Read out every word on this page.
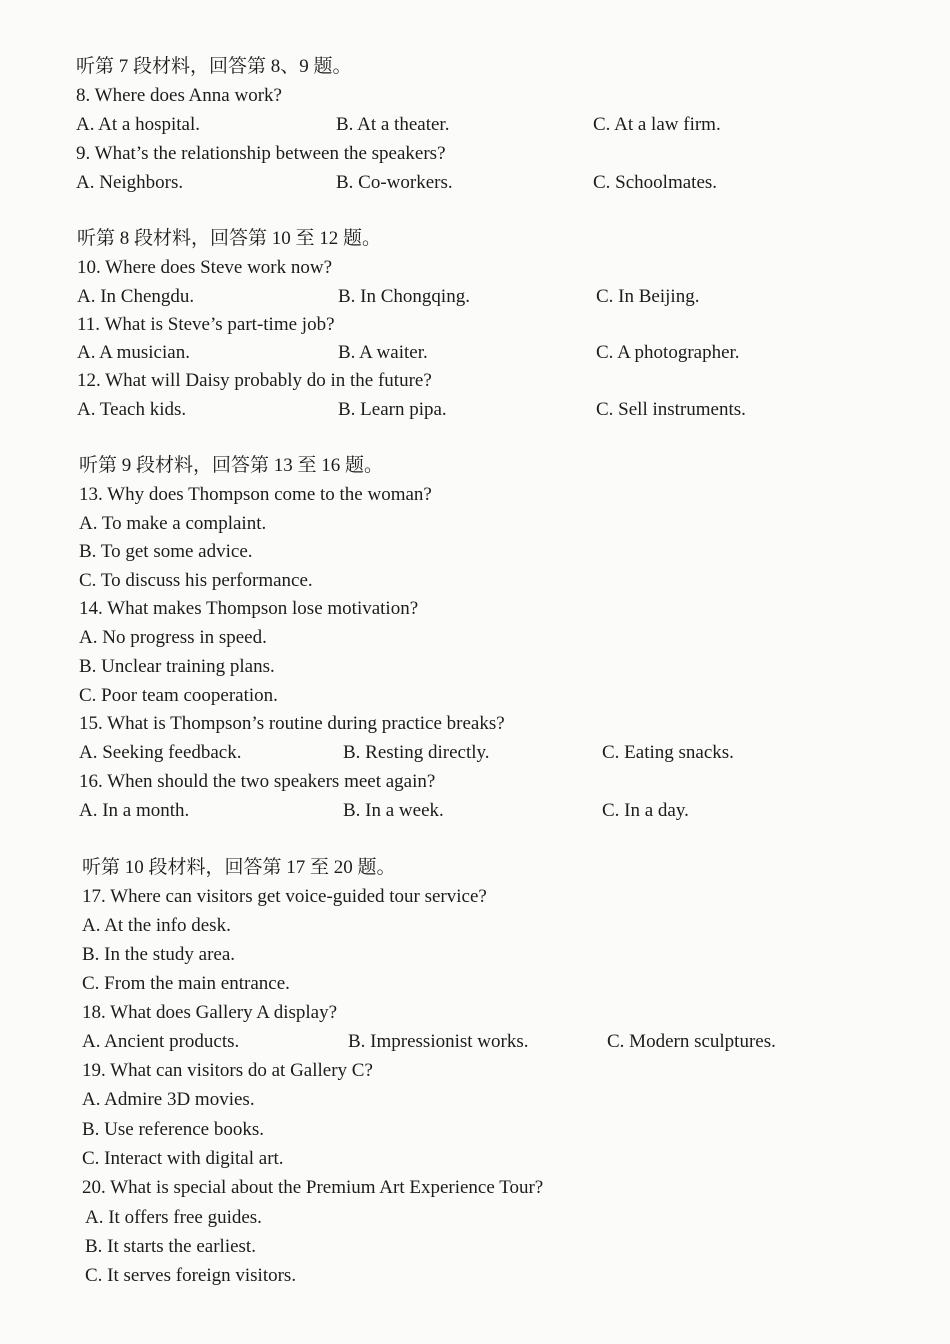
听第 7 段材料，回答第 8、9 题。
8. Where does Anna work?
A. At a hospital.	B. At a theater.	C. At a law firm.
9. What’s the relationship between the speakers?
A. Neighbors.	B. Co-workers.	C. Schoolmates.
听第 8 段材料，回答第 10 至 12 题。
10. Where does Steve work now?
A. In Chengdu.	B. In Chongqing.	C. In Beijing.
11. What is Steve’s part-time job?
A. A musician.	B. A waiter.	C. A photographer.
12. What will Daisy probably do in the future?
A. Teach kids.	B. Learn pipa.	C. Sell instruments.
听第 9 段材料，回答第 13 至 16 题。
13. Why does Thompson come to the woman?
A. To make a complaint.
B. To get some advice.
C. To discuss his performance.
14. What makes Thompson lose motivation?
A. No progress in speed.
B. Unclear training plans.
C. Poor team cooperation.
15. What is Thompson’s routine during practice breaks?
A. Seeking feedback.	B. Resting directly.	C. Eating snacks.
16. When should the two speakers meet again?
A. In a month.	B. In a week.	C. In a day.
听第 10 段材料，回答第 17 至 20 题。
17. Where can visitors get voice-guided tour service?
A. At the info desk.
B. In the study area.
C. From the main entrance.
18. What does Gallery A display?
A. Ancient products.	B. Impressionist works.	C. Modern sculptures.
19. What can visitors do at Gallery C?
A. Admire 3D movies.
B. Use reference books.
C. Interact with digital art.
20. What is special about the Premium Art Experience Tour?
A. It offers free guides.
B. It starts the earliest.
C. It serves foreign visitors.
